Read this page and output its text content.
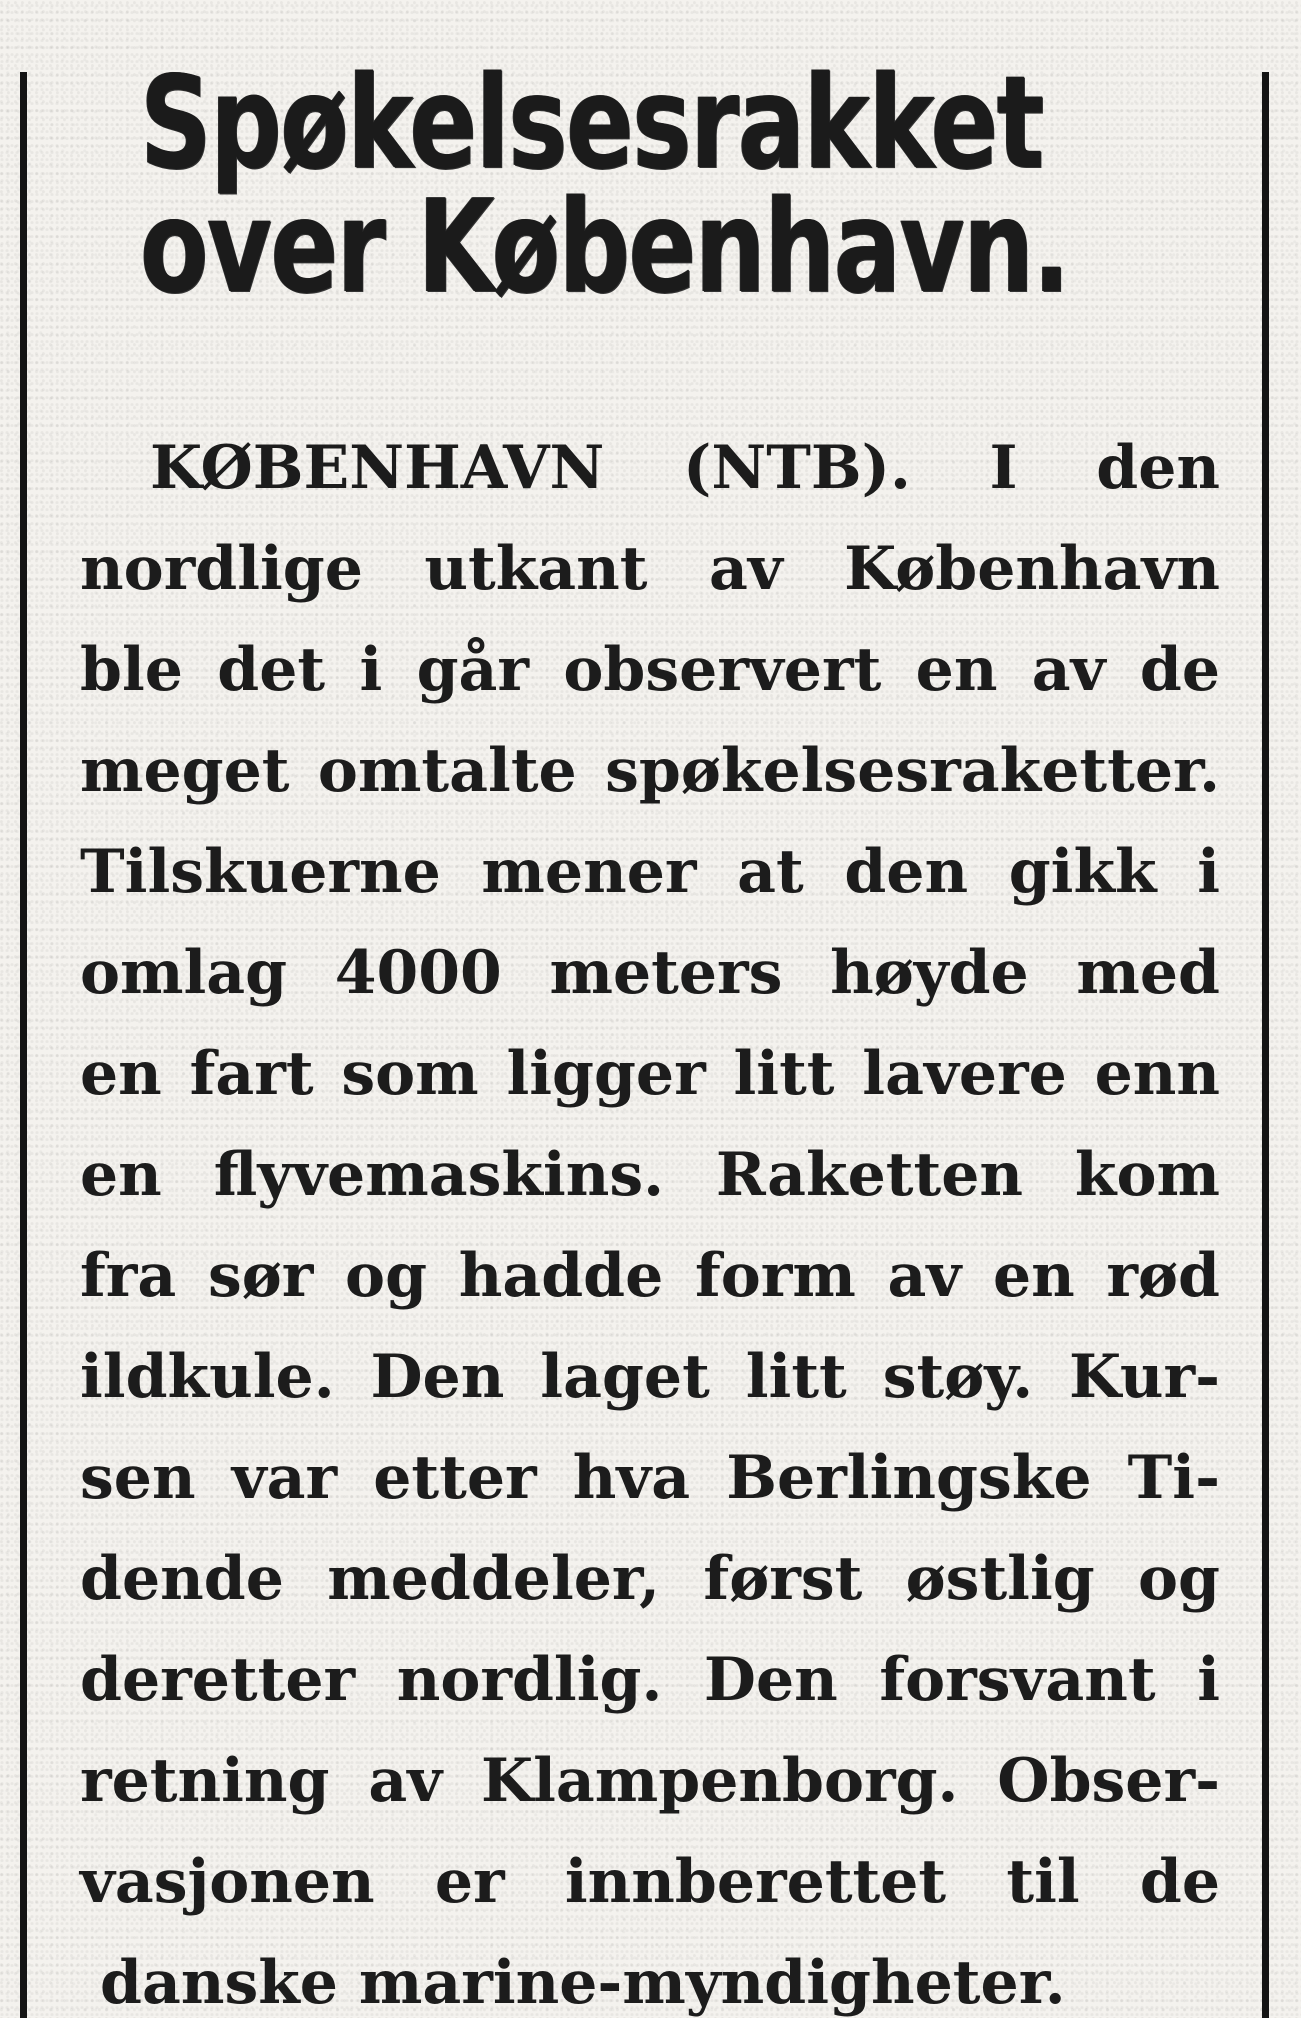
Spøkelsesrakket
over København.
KØBENHAVN (NTB). I den
nordlige utkant av København
ble det i går observert en av de
meget omtalte spøkelsesraketter.
Tilskuerne mener at den gikk i
omlag 4000 meters høyde med
en fart som ligger litt lavere enn
en flyvemaskins. Raketten kom
fra sør og hadde form av en rød
ildkule. Den laget litt støy. Kur-
sen var etter hva Berlingske Ti-
dende meddeler, først østlig og
deretter nordlig. Den forsvant i
retning av Klampenborg. Obser-
vasjonen er innberettet til de
danske marine-myndigheter.
